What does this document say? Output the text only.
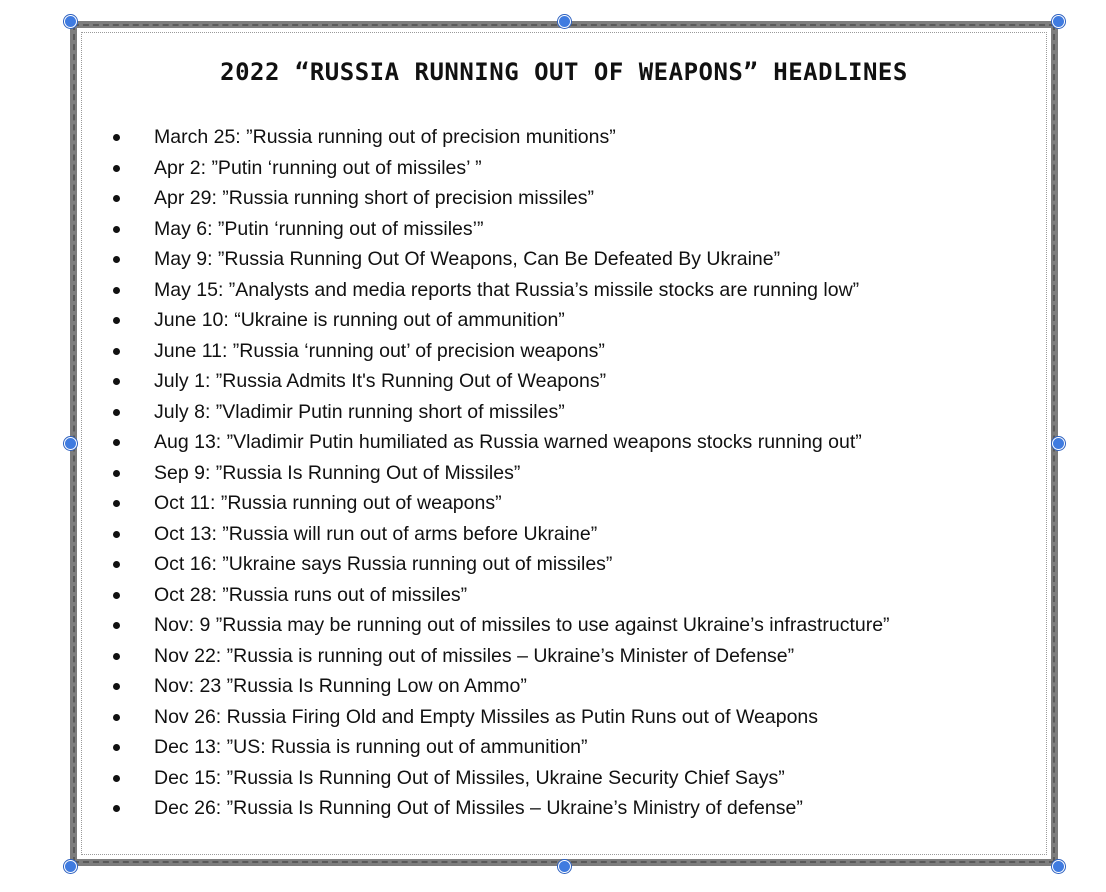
2022 “RUSSIA RUNNING OUT OF WEAPONS” HEADLINES
March 25: ”Russia running out of precision munitions”
Apr 2: ”Putin ‘running out of missiles’ ”
Apr 29: ”Russia running short of precision missiles”
May 6: ”Putin ‘running out of missiles’”
May 9: ”Russia Running Out Of Weapons, Can Be Defeated By Ukraine”
May 15: ”Analysts and media reports that Russia’s missile stocks are running low”
June 10: “Ukraine is running out of ammunition”
June 11: ”Russia ‘running out’ of precision weapons”
July 1: ”Russia Admits It's Running Out of Weapons”
July 8: ”Vladimir Putin running short of missiles”
Aug 13: ”Vladimir Putin humiliated as Russia warned weapons stocks running out”
Sep 9: ”Russia Is Running Out of Missiles”
Oct 11: ”Russia running out of weapons”
Oct 13: ”Russia will run out of arms before Ukraine”
Oct 16: ”Ukraine says Russia running out of missiles”
Oct 28: ”Russia runs out of missiles”
Nov: 9 ”Russia may be running out of missiles to use against Ukraine’s infrastructure”
Nov 22: ”Russia is running out of missiles – Ukraine’s Minister of Defense”
Nov: 23 ”Russia Is Running Low on Ammo”
Nov 26: Russia Firing Old and Empty Missiles as Putin Runs out of Weapons
Dec 13: ”US: Russia is running out of ammunition”
Dec 15: ”Russia Is Running Out of Missiles, Ukraine Security Chief Says”
Dec 26: ”Russia Is Running Out of Missiles – Ukraine’s Ministry of defense”
